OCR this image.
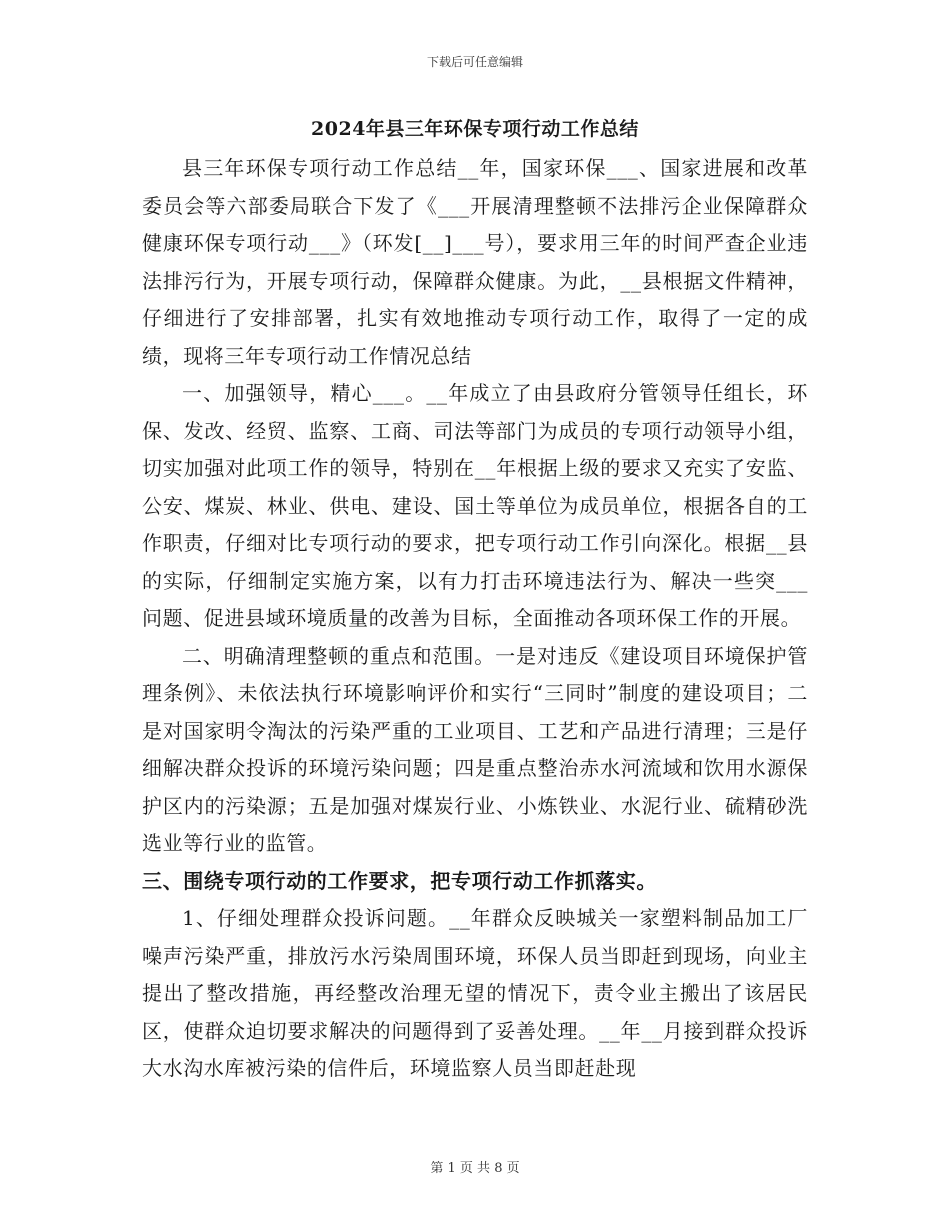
下载后可任意编辑
2024年县三年环保专项行动工作总结

县三年环保专项行动工作总结__年，国家环保___、国家进展和改革委员会等六部委局联合下发了《___开展清理整顿不法排污企业保障群众健康环保专项行动___》（环发[__]___号），要求用三年的时间严查企业违法排污行为，开展专项行动，保障群众健康。为此，__县根据文件精神，仔细进行了安排部署，扎实有效地推动专项行动工作，取得了一定的成绩，现将三年专项行动工作情况总结

一、加强领导，精心___。__年成立了由县政府分管领导任组长，环保、发改、经贸、监察、工商、司法等部门为成员的专项行动领导小组，切实加强对此项工作的领导，特别在__年根据上级的要求又充实了安监、公安、煤炭、林业、供电、建设、国土等单位为成员单位，根据各自的工作职责，仔细对比专项行动的要求，把专项行动工作引向深化。根据__县的实际，仔细制定实施方案，以有力打击环境违法行为、解决一些突___问题、促进县域环境质量的改善为目标，全面推动各项环保工作的开展。

二、明确清理整顿的重点和范围。一是对违反《建设项目环境保护管理条例》、未依法执行环境影响评价和实行“三同时”制度的建设项目；二是对国家明令淘汰的污染严重的工业项目、工艺和产品进行清理；三是仔细解决群众投诉的环境污染问题；四是重点整治赤水河流域和饮用水源保护区内的污染源；五是加强对煤炭行业、小炼铁业、水泥行业、硫精砂洗选业等行业的监管。

三、围绕专项行动的工作要求，把专项行动工作抓落实。

1、仔细处理群众投诉问题。__年群众反映城关一家塑料制品加工厂噪声污染严重，排放污水污染周围环境，环保人员当即赶到现场，向业主提出了整改措施，再经整改治理无望的情况下，责令业主搬出了该居民区，使群众迫切要求解决的问题得到了妥善处理。__年__月接到群众投诉大水沟水库被污染的信件后，环境监察人员当即赶赴现

第 1 页 共 8 页
